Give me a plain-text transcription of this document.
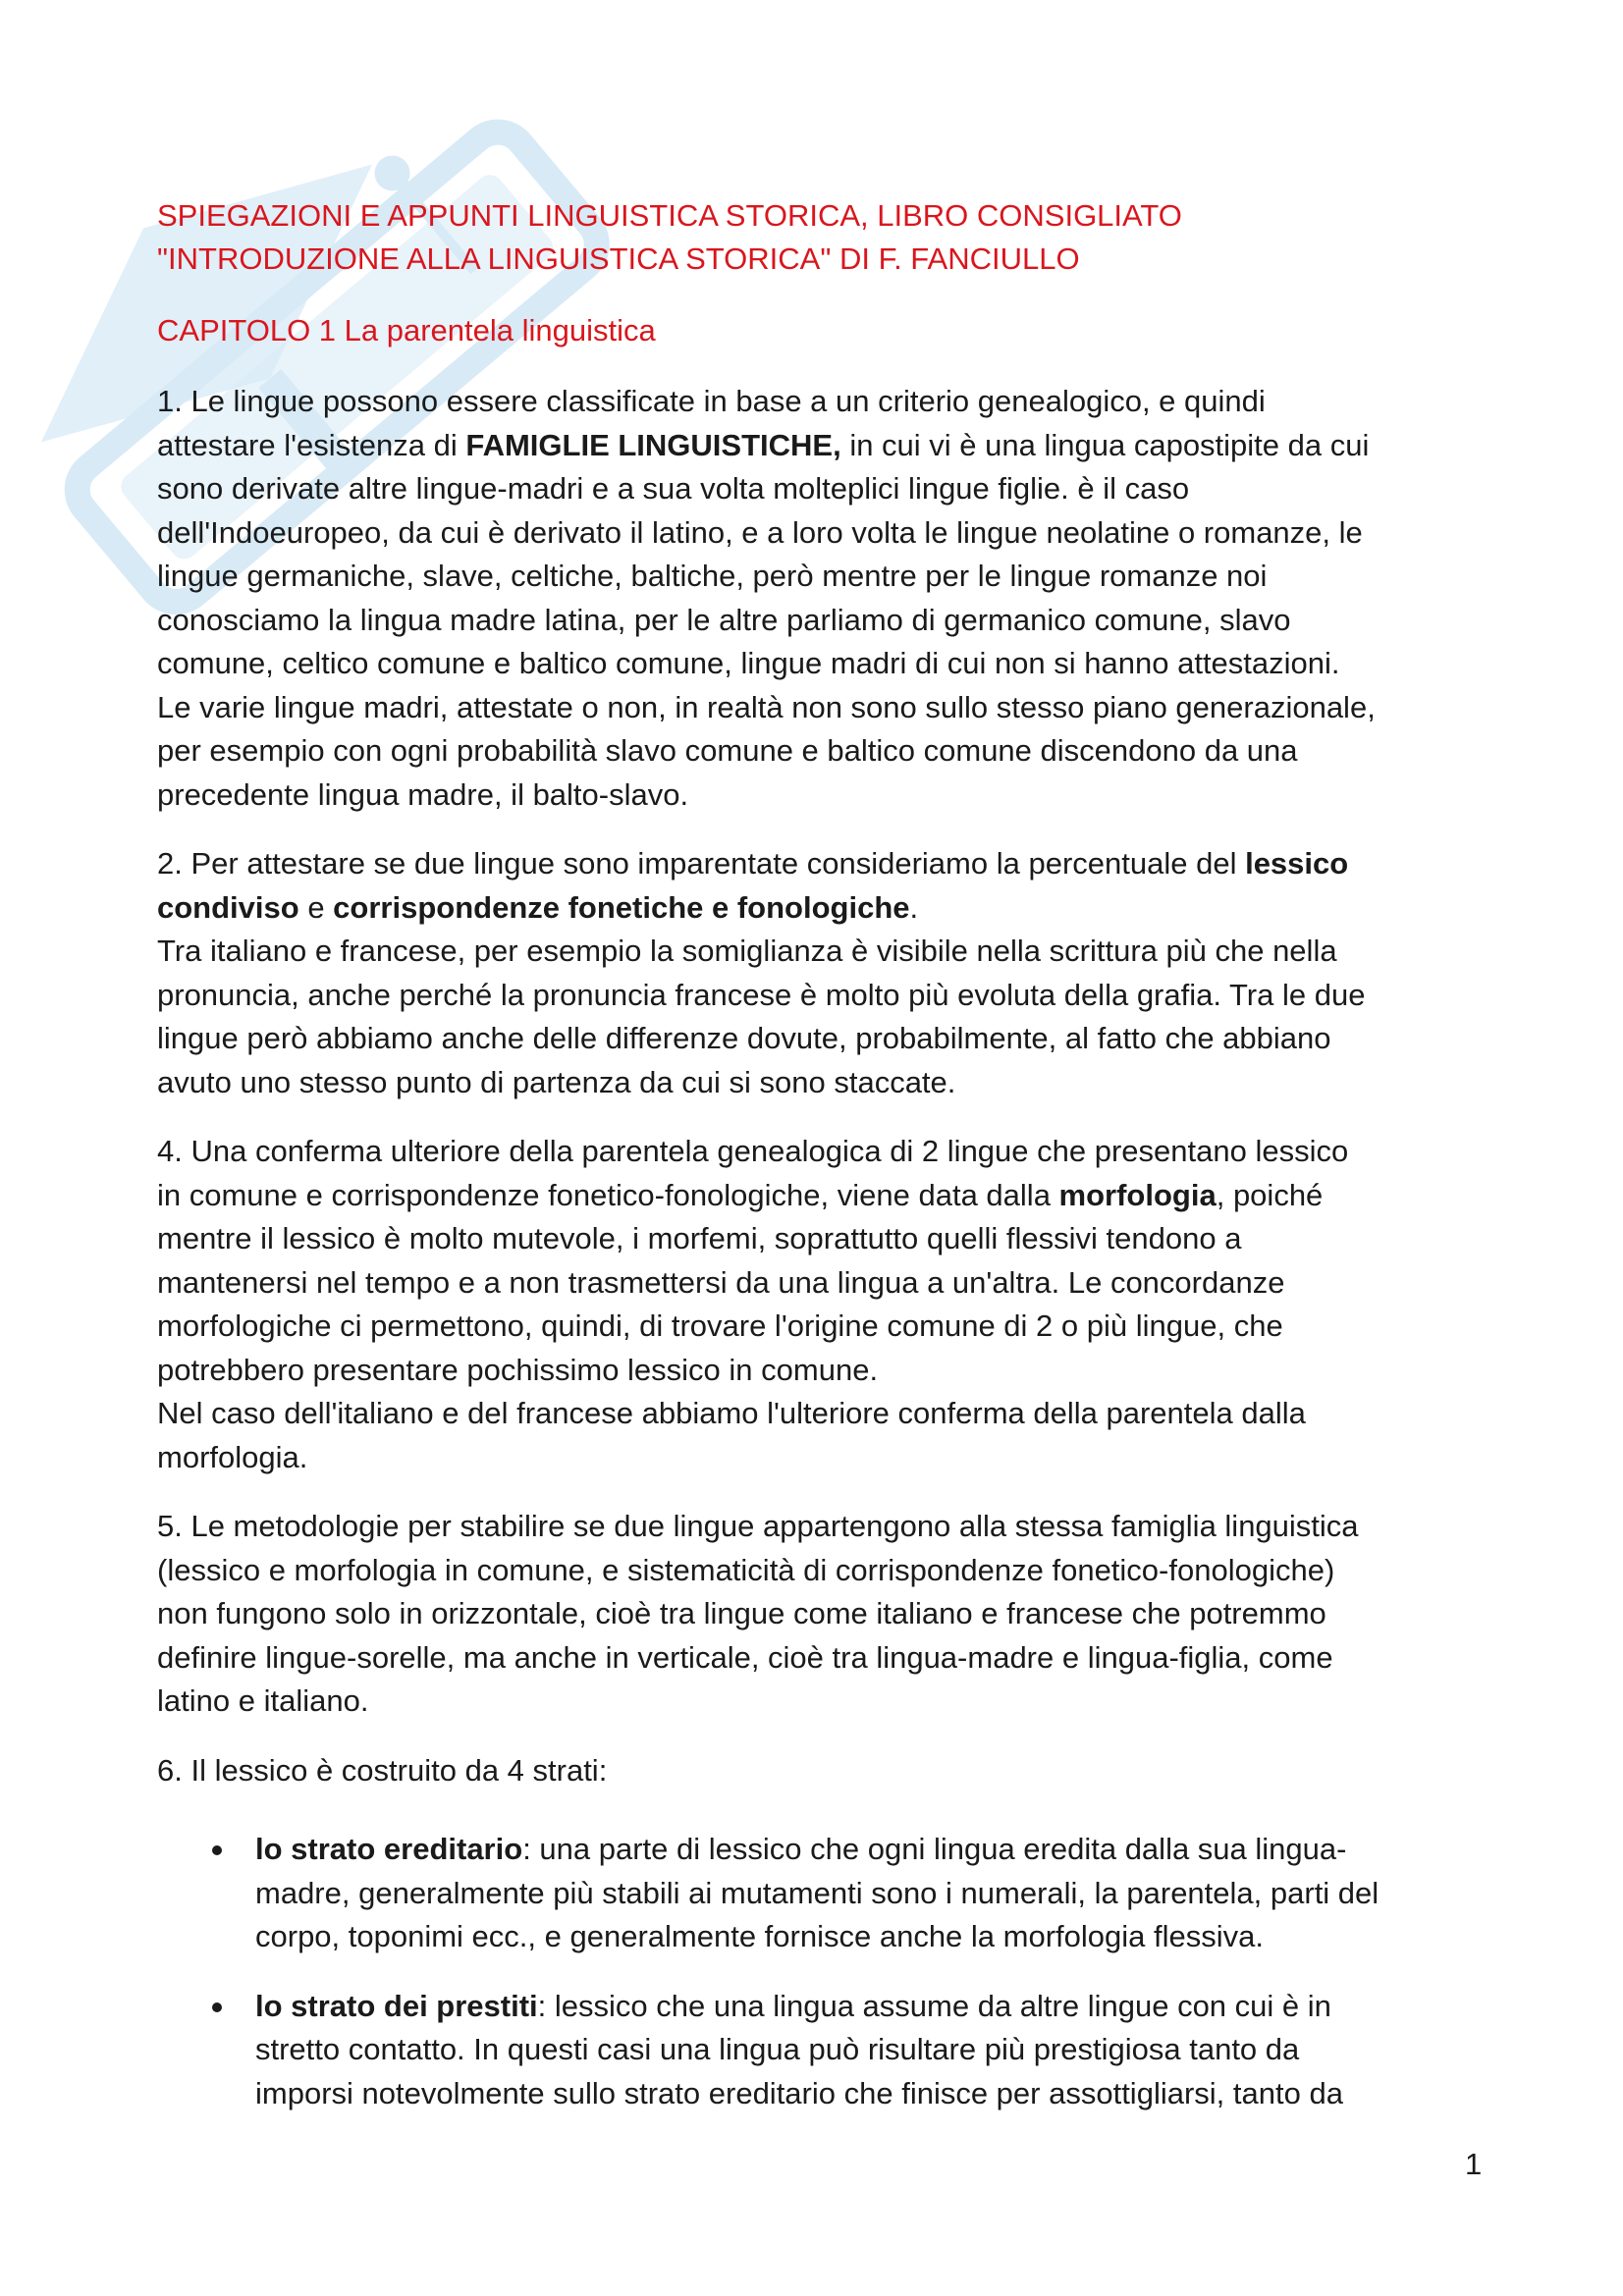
SPIEGAZIONI E APPUNTI LINGUISTICA STORICA, LIBRO CONSIGLIATO
"INTRODUZIONE ALLA LINGUISTICA STORICA" DI F. FANCIULLO
CAPITOLO 1 La parentela linguistica

1. Le lingue possono essere classificate in base a un criterio genealogico, e quindi
attestare l'esistenza di FAMIGLIE LINGUISTICHE, in cui vi è una lingua capostipite da cui
sono derivate altre lingue-madri e a sua volta molteplici lingue figlie. è il caso
dell'Indoeuropeo, da cui è derivato il latino, e a loro volta le lingue neolatine o romanze, le
lingue germaniche, slave, celtiche, baltiche, però mentre per le lingue romanze noi
conosciamo la lingua madre latina, per le altre parliamo di germanico comune, slavo
comune, celtico comune e baltico comune, lingue madri di cui non si hanno attestazioni.
Le varie lingue madri, attestate o non, in realtà non sono sullo stesso piano generazionale,
per esempio con ogni probabilità slavo comune e baltico comune discendono da una
precedente lingua madre, il balto-slavo.

2. Per attestare se due lingue sono imparentate consideriamo la percentuale del lessico
condiviso e corrispondenze fonetiche e fonologiche.
Tra italiano e francese, per esempio la somiglianza è visibile nella scrittura più che nella
pronuncia, anche perché la pronuncia francese è molto più evoluta della grafia. Tra le due
lingue però abbiamo anche delle differenze dovute, probabilmente, al fatto che abbiano
avuto uno stesso punto di partenza da cui si sono staccate.

4. Una conferma ulteriore della parentela genealogica di 2 lingue che presentano lessico
in comune e corrispondenze fonetico-fonologiche, viene data dalla morfologia, poiché
mentre il lessico è molto mutevole, i morfemi, soprattutto quelli flessivi tendono a
mantenersi nel tempo e a non trasmettersi da una lingua a un'altra. Le concordanze
morfologiche ci permettono, quindi, di trovare l'origine comune di 2 o più lingue, che
potrebbero presentare pochissimo lessico in comune.
Nel caso dell'italiano e del francese abbiamo l'ulteriore conferma della parentela dalla
morfologia.

5. Le metodologie per stabilire se due lingue appartengono alla stessa famiglia linguistica
(lessico e morfologia in comune, e sistematicità di corrispondenze fonetico-fonologiche)
non fungono solo in orizzontale, cioè tra lingue come italiano e francese che potremmo
definire lingue-sorelle, ma anche in verticale, cioè tra lingua-madre e lingua-figlia, come
latino e italiano.

6. Il lessico è costruito da 4 strati:

lo strato ereditario: una parte di lessico che ogni lingua eredita dalla sua lingua-
madre, generalmente più stabili ai mutamenti sono i numerali, la parentela, parti del
corpo, toponimi ecc., e generalmente fornisce anche la morfologia flessiva.
lo strato dei prestiti: lessico che una lingua assume da altre lingue con cui è in
stretto contatto. In questi casi una lingua può risultare più prestigiosa tanto da
imporsi notevolmente sullo strato ereditario che finisce per assottigliarsi, tanto da
1
